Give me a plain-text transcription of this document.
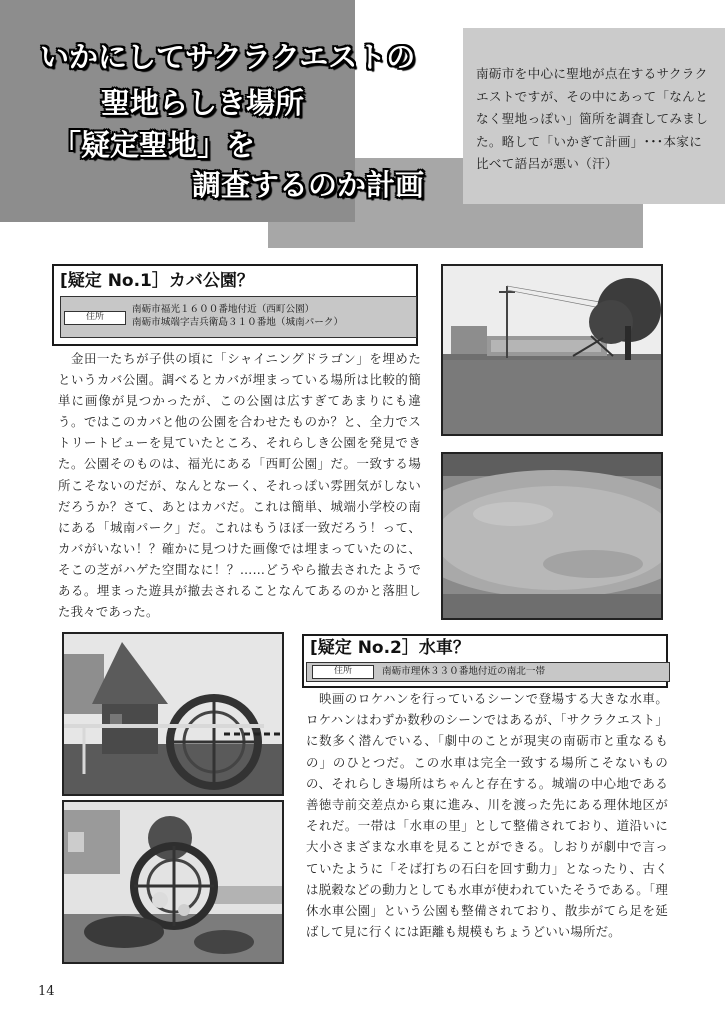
いかにしてサクラクエストの
聖地らしき場所
「疑定聖地」を
調査するのか計画
南砺市を中心に聖地が点在するサクラクエストですが、その中にあって「なんとなく聖地っぽい」箇所を調査してみました。略して「いかぎて計画」･･･本家に比べて語呂が悪い（汗）
[疑定 No.1］カバ公園？
住所
南砺市福光１６００番地付近（西町公園）
南砺市城端字吉兵衛島３１０番地（城南パーク）

　金田一たちが子供の頃に「シャイニングドラゴン」を埋めたというカバ公園。調べるとカバが埋まっている場所は比較的簡単に画像が見つかったが、この公園は広すぎてあまりにも違う。ではこのカバと他の公園を合わせたものか？と、全力でストリートビューを見ていたところ、それらしき公園を発見できた。公園そのものは、福光にある「西町公園」だ。一致する場所こそないのだが、なんとなーく、それっぽい雰囲気がしないだろうか？さて、あとはカバだ。これは簡単、城端小学校の南にある「城南パーク」だ。これはもうほぼ一致だろう！って、カバがいない！？確かに見つけた画像では埋まっていたのに、そこの芝がハゲた空間なに！？……どうやら撤去されたようである。埋まった遊具が撤去されることなんてあるのかと落胆した我々であった。

[疑定 No.2］水車？
住所	南砺市理休３３０番地付近の南北一帯

　映画のロケハンを行っているシーンで登場する大きな水車。ロケハンはわずか数秒のシーンではあるが、「サクラクエスト」に数多く潜んでいる、「劇中のことが現実の南砺市と重なるもの」のひとつだ。この水車は完全一致する場所こそないものの、それらしき場所はちゃんと存在する。城端の中心地である善徳寺前交差点から東に進み、川を渡った先にある理休地区がそれだ。一帯は「水車の里」として整備されており、道沿いに大小さまざまな水車を見ることができる。しおりが劇中で言っていたように「そば打ちの石臼を回す動力」となったり、古くは脱穀などの動力としても水車が使われていたそうである。「理休水車公園」という公園も整備されており、散歩がてら足を延ばして見に行くには距離も規模もちょうどいい場所だ。

14
